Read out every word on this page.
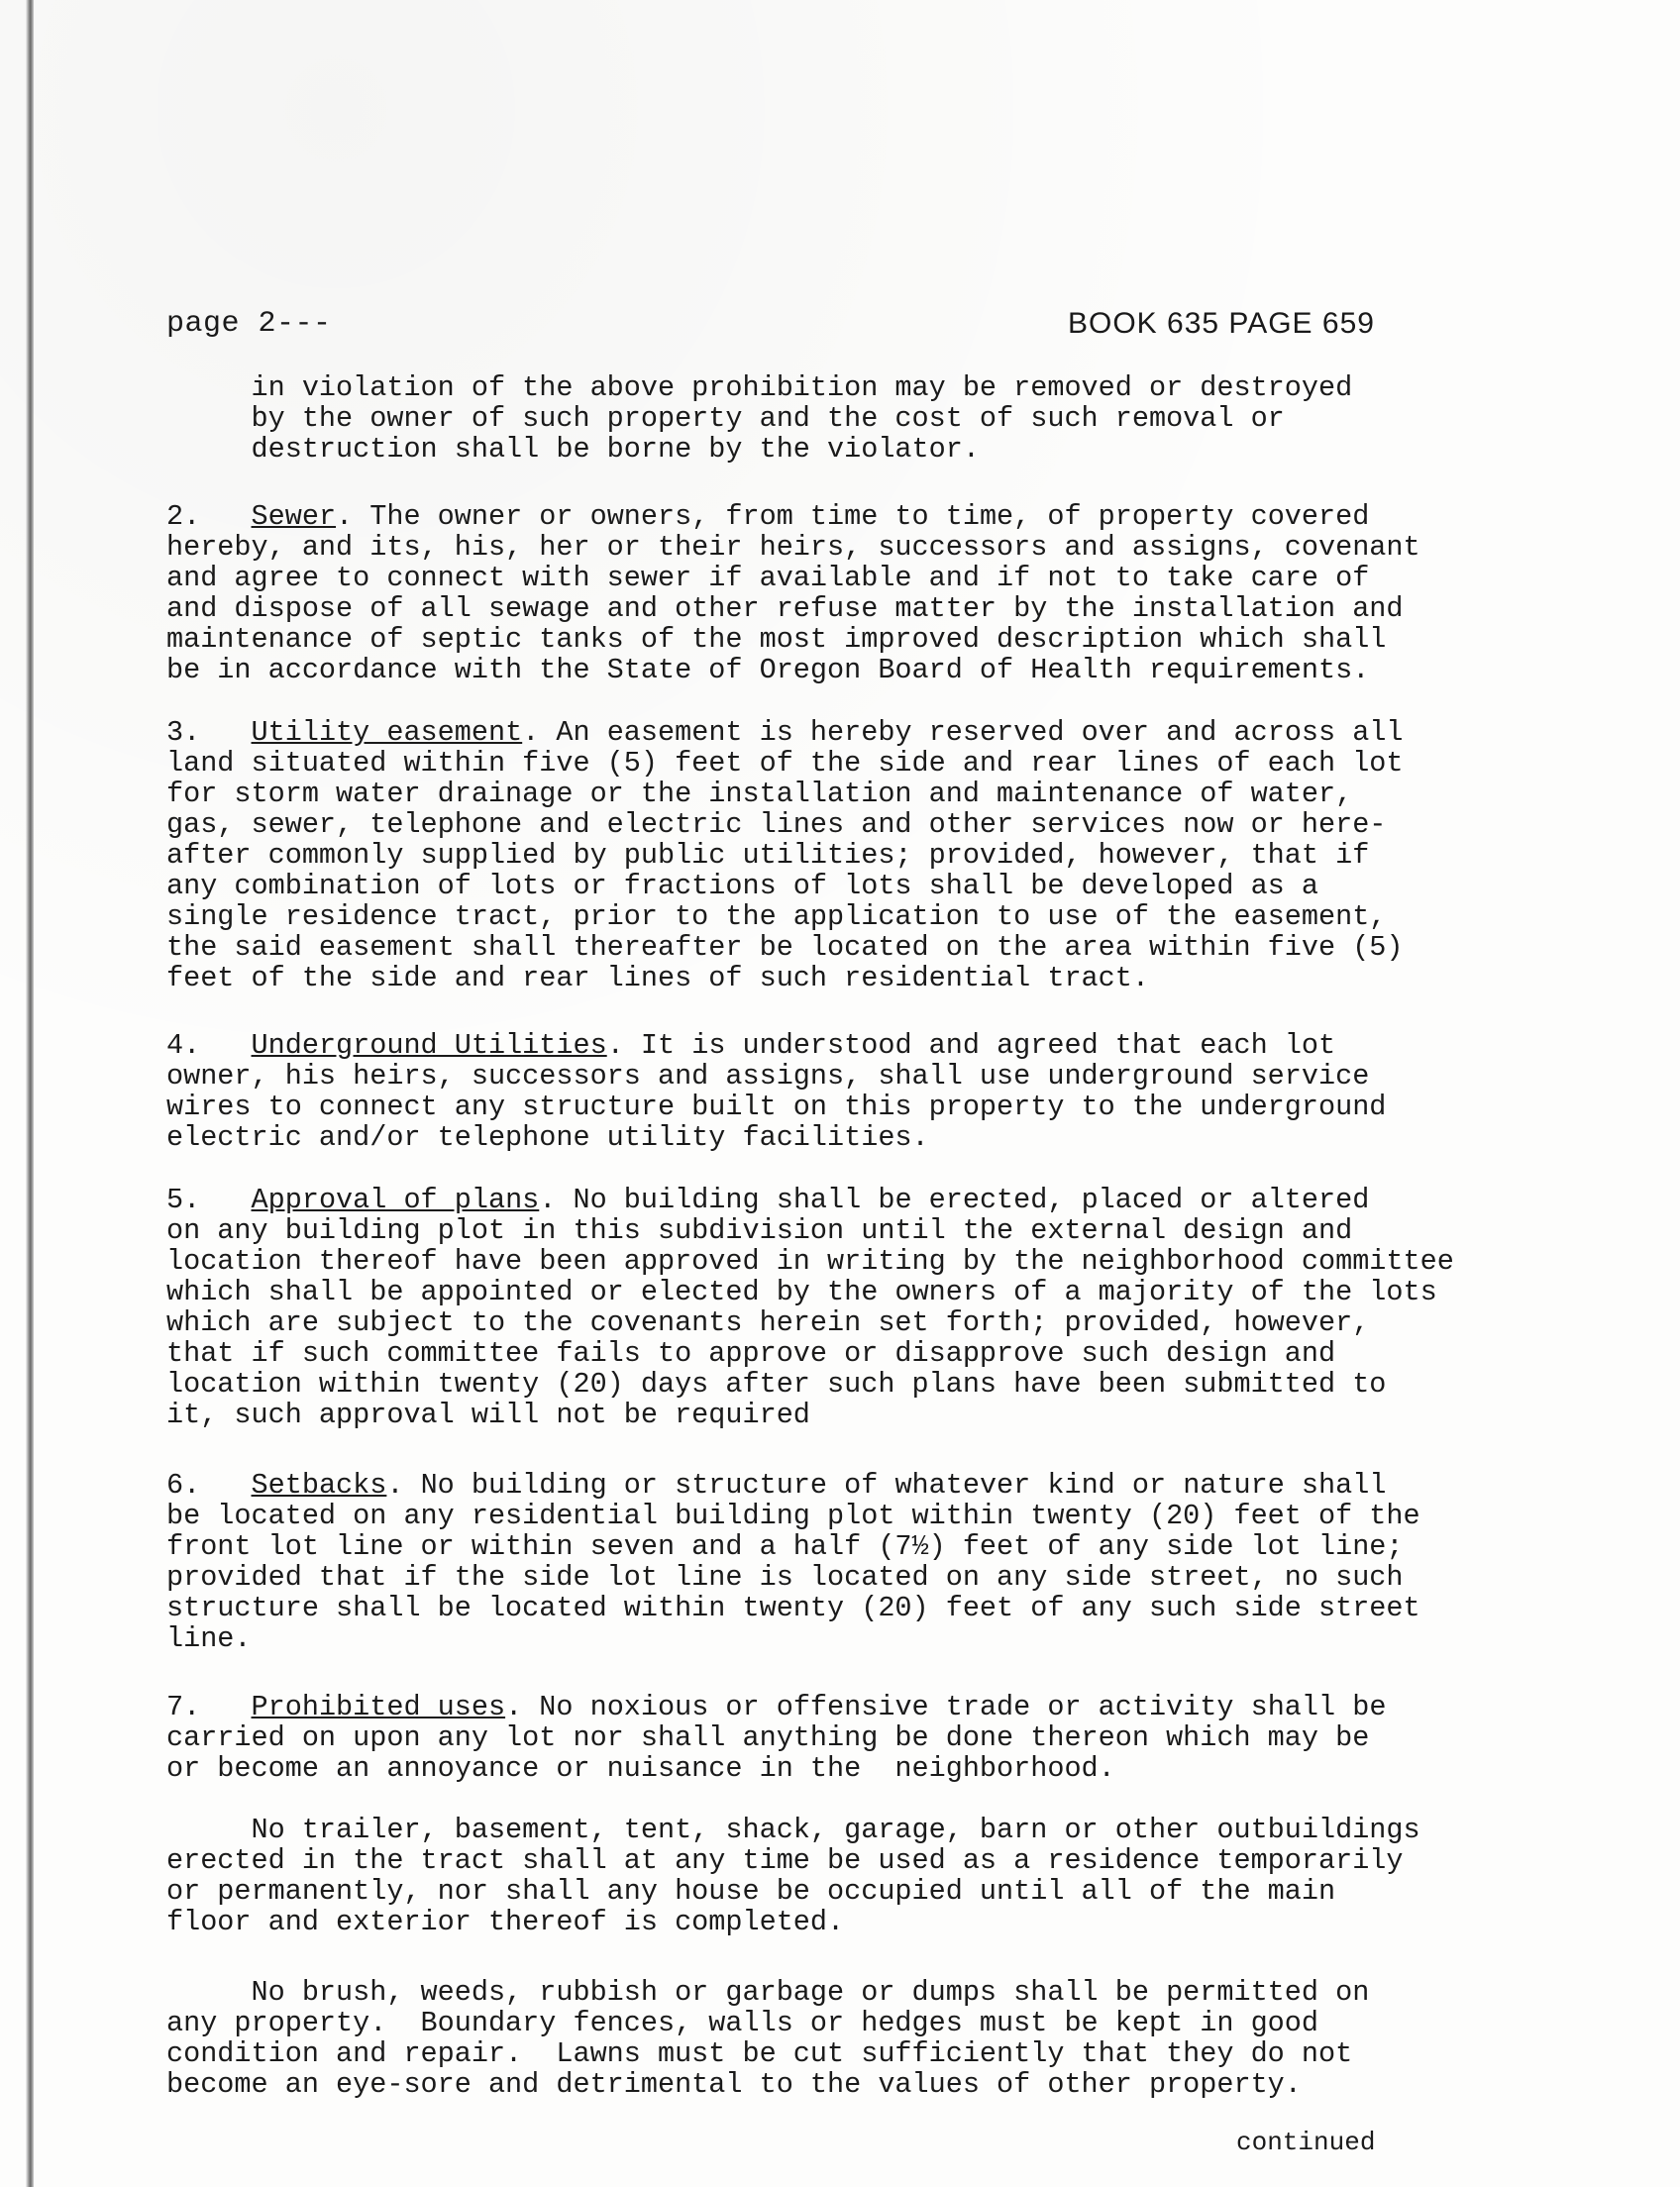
page 2---	BOOK 635 PAGE 659
in violation of the above prohibition may be removed or destroyed
by the owner of such property and the cost of such removal or
destruction shall be borne by the violator.
2. Sewer. The owner or owners, from time to time, of property covered
hereby, and its, his, her or their heirs, successors and assigns, covenant
and agree to connect with sewer if available and if not to take care of
and dispose of all sewage and other refuse matter by the installation and
maintenance of septic tanks of the most improved description which shall
be in accordance with the State of Oregon Board of Health requirements.
3. Utility easement. An easement is hereby reserved over and across all
land situated within five (5) feet of the side and rear lines of each lot
for storm water drainage or the installation and maintenance of water,
gas, sewer, telephone and electric lines and other services now or here-
after commonly supplied by public utilities; provided, however, that if
any combination of lots or fractions of lots shall be developed as a
single residence tract, prior to the application to use of the easement,
the said easement shall thereafter be located on the area within five (5)
feet of the side and rear lines of such residential tract.
4. Underground Utilities. It is understood and agreed that each lot
owner, his heirs, successors and assigns, shall use underground service
wires to connect any structure built on this property to the underground
electric and/or telephone utility facilities.
5. Approval of plans. No building shall be erected, placed or altered
on any building plot in this subdivision until the external design and
location thereof have been approved in writing by the neighborhood committee
which shall be appointed or elected by the owners of a majority of the lots
which are subject to the covenants herein set forth; provided, however,
that if such committee fails to approve or disapprove such design and
location within twenty (20) days after such plans have been submitted to
it, such approval will not be required
6. Setbacks. No building or structure of whatever kind or nature shall
be located on any residential building plot within twenty (20) feet of the
front lot line or within seven and a half (7½) feet of any side lot line;
provided that if the side lot line is located on any side street, no such
structure shall be located within twenty (20) feet of any such side street
line.
7. Prohibited uses. No noxious or offensive trade or activity shall be
carried on upon any lot nor shall anything be done thereon which may be
or become an annoyance or nuisance in the  neighborhood.
No trailer, basement, tent, shack, garage, barn or other outbuildings
erected in the tract shall at any time be used as a residence temporarily
or permanently, nor shall any house be occupied until all of the main
floor and exterior thereof is completed.
No brush, weeds, rubbish or garbage or dumps shall be permitted on
any property.  Boundary fences, walls or hedges must be kept in good
condition and repair.  Lawns must be cut sufficiently that they do not
become an eye-sore and detrimental to the values of other property.
continued
